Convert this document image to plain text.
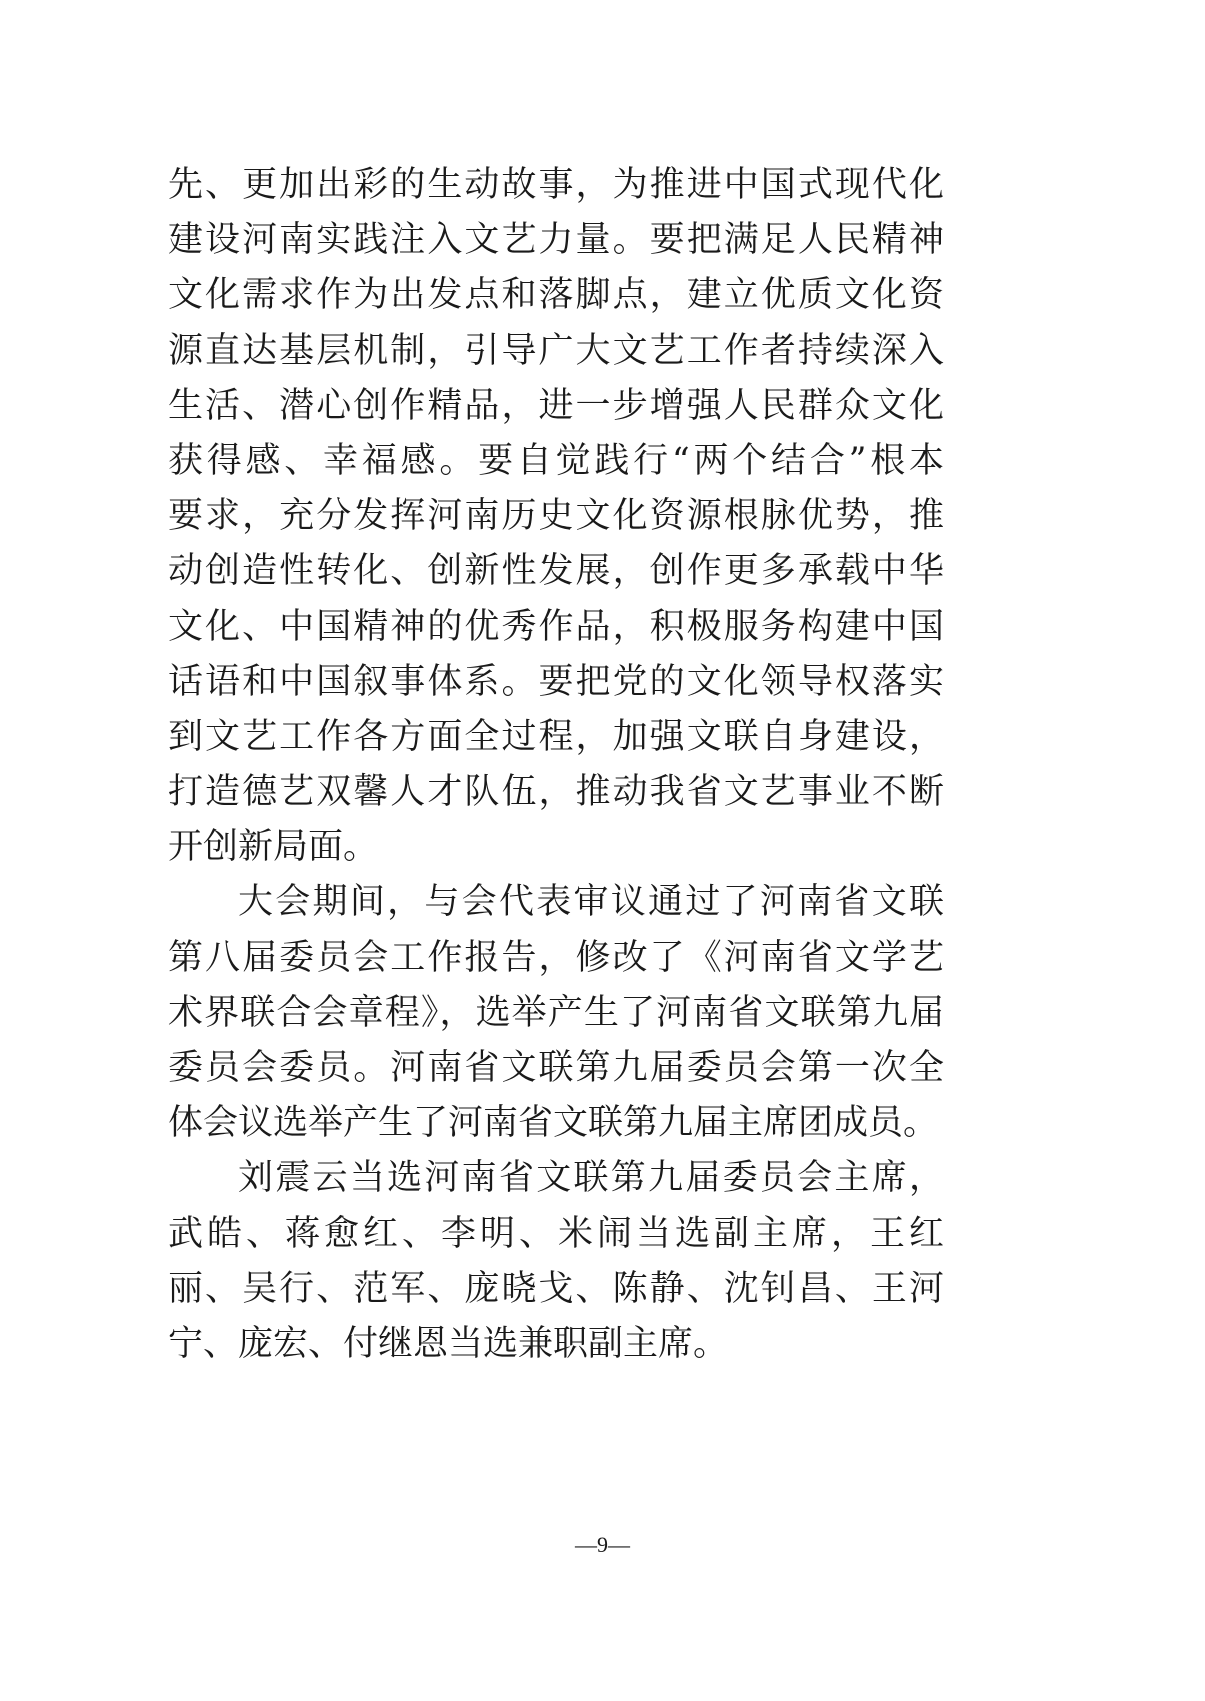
先、更加出彩的生动故事，为推进中国式现代化
建设河南实践注入文艺力量。要把满足人民精神
文化需求作为出发点和落脚点，建立优质文化资
源直达基层机制，引导广大文艺工作者持续深入
生活、潜心创作精品，进一步增强人民群众文化
获得感、幸福感。要自觉践行“两个结合”根本
要求，充分发挥河南历史文化资源根脉优势，推
动创造性转化、创新性发展，创作更多承载中华
文化、中国精神的优秀作品，积极服务构建中国
话语和中国叙事体系。要把党的文化领导权落实
到文艺工作各方面全过程，加强文联自身建设，
打造德艺双馨人才队伍，推动我省文艺事业不断
开创新局面。
大会期间，与会代表审议通过了河南省文联
第八届委员会工作报告，修改了《河南省文学艺
术界联合会章程》，选举产生了河南省文联第九届
委员会委员。河南省文联第九届委员会第一次全
体会议选举产生了河南省文联第九届主席团成员。
刘震云当选河南省文联第九届委员会主席，
武皓、蒋愈红、李明、米闹当选副主席，王红
丽、吴行、范军、庞晓戈、陈静、沈钊昌、王河
宁、庞宏、付继恩当选兼职副主席。
—9—
